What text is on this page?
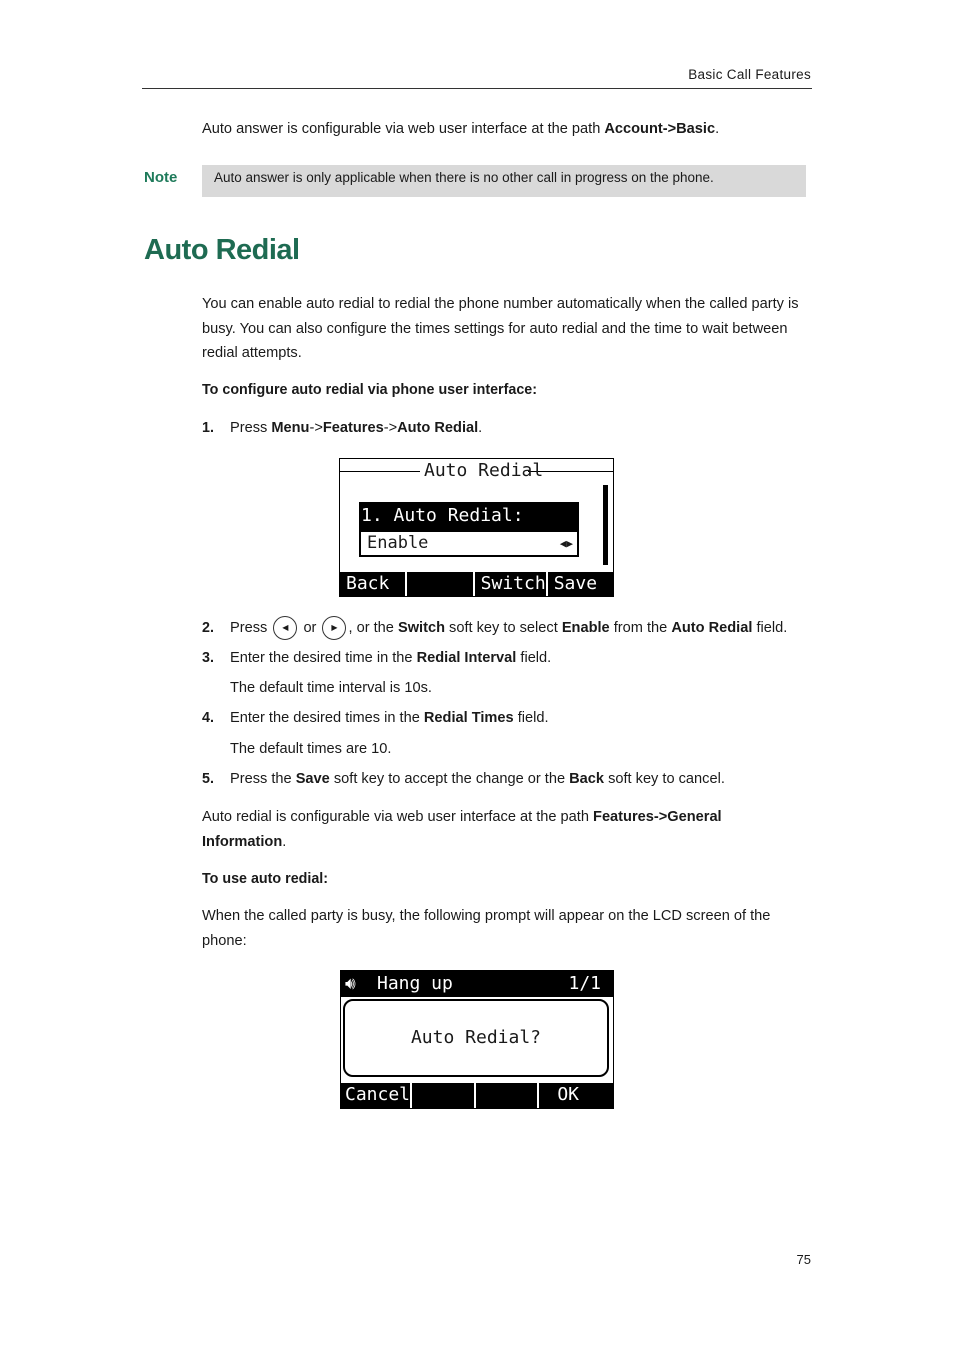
Basic Call Features
Auto answer is configurable via web user interface at the path Account->Basic.
Note	Auto answer is only applicable when there is no other call in progress on the phone.
Auto Redial
You can enable auto redial to redial the phone number automatically when the called party is busy. You can also configure the times settings for auto redial and the time to wait between redial attempts.
To configure auto redial via phone user interface:
1. Press Menu->Features->Auto Redial.
Auto Redial
1. Auto Redial:
Enable	◀▶
Back	Switch Save
2. Press ◀ or ▶ , or the Switch soft key to select Enable from the Auto Redial field.
3. Enter the desired time in the Redial Interval field.
The default time interval is 10s.
4. Enter the desired times in the Redial Times field.
The default times are 10.
5. Press the Save soft key to accept the change or the Back soft key to cancel.
Auto redial is configurable via web user interface at the path Features->General Information.
To use auto redial:
When the called party is busy, the following prompt will appear on the LCD screen of the phone:
🔊︎ Hang up	1/1
Auto Redial?
Cancel	OK
75
